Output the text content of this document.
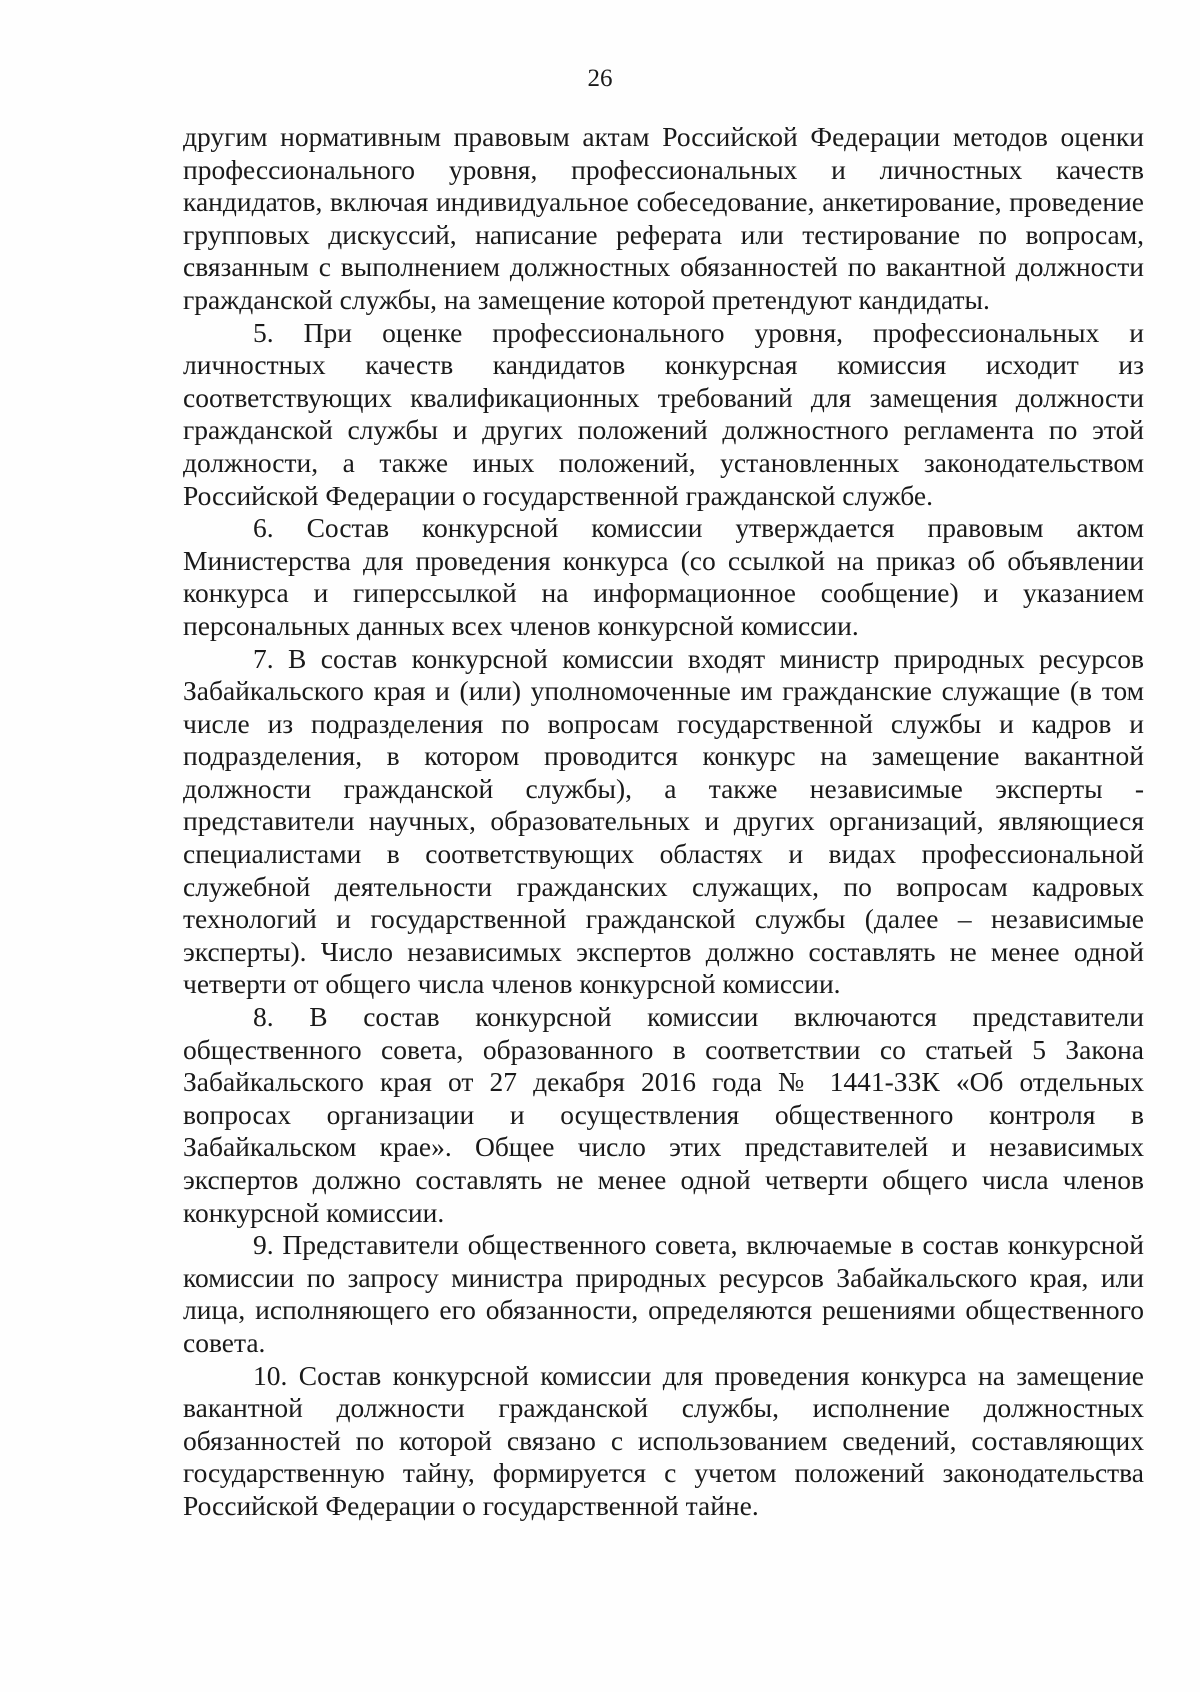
26

другим нормативным правовым актам Российской Федерации методов оценки профессионального уровня, профессиональных и личностных качеств кандидатов, включая индивидуальное собеседование, анкетирование, проведение групповых дискуссий, написание реферата или тестирование по вопросам, связанным с выполнением должностных обязанностей по вакантной должности гражданской службы, на замещение которой претендуют кандидаты.

5. При оценке профессионального уровня, профессиональных и личностных качеств кандидатов конкурсная комиссия исходит из соответствующих квалификационных требований для замещения должности гражданской службы и других положений должностного регламента по этой должности, а также иных положений, установленных законодательством Российской Федерации о государственной гражданской службе.

6. Состав конкурсной комиссии утверждается правовым актом Министерства для проведения конкурса (со ссылкой на приказ об объявлении конкурса и гиперссылкой на информационное сообщение) и указанием персональных данных всех членов конкурсной комиссии.

7. В состав конкурсной комиссии входят министр природных ресурсов Забайкальского края и (или) уполномоченные им гражданские служащие (в том числе из подразделения по вопросам государственной службы и кадров и подразделения, в котором проводится конкурс на замещение вакантной должности гражданской службы), а также независимые эксперты - представители научных, образовательных и других организаций, являющиеся специалистами в соответствующих областях и видах профессиональной служебной деятельности гражданских служащих, по вопросам кадровых технологий и государственной гражданской службы (далее – независимые эксперты). Число независимых экспертов должно составлять не менее одной четверти от общего числа членов конкурсной комиссии.

8. В состав конкурсной комиссии включаются представители общественного совета, образованного в соответствии со статьей 5 Закона Забайкальского края от 27 декабря 2016 года № 1441-ЗЗК «Об отдельных вопросах организации и осуществления общественного контроля в Забайкальском крае». Общее число этих представителей и независимых экспертов должно составлять не менее одной четверти общего числа членов конкурсной комиссии.

9. Представители общественного совета, включаемые в состав конкурсной комиссии по запросу министра природных ресурсов Забайкальского края, или лица, исполняющего его обязанности, определяются решениями общественного совета.

10. Состав конкурсной комиссии для проведения конкурса на замещение вакантной должности гражданской службы, исполнение должностных обязанностей по которой связано с использованием сведений, составляющих государственную тайну, формируется с учетом положений законодательства Российской Федерации о государственной тайне.
